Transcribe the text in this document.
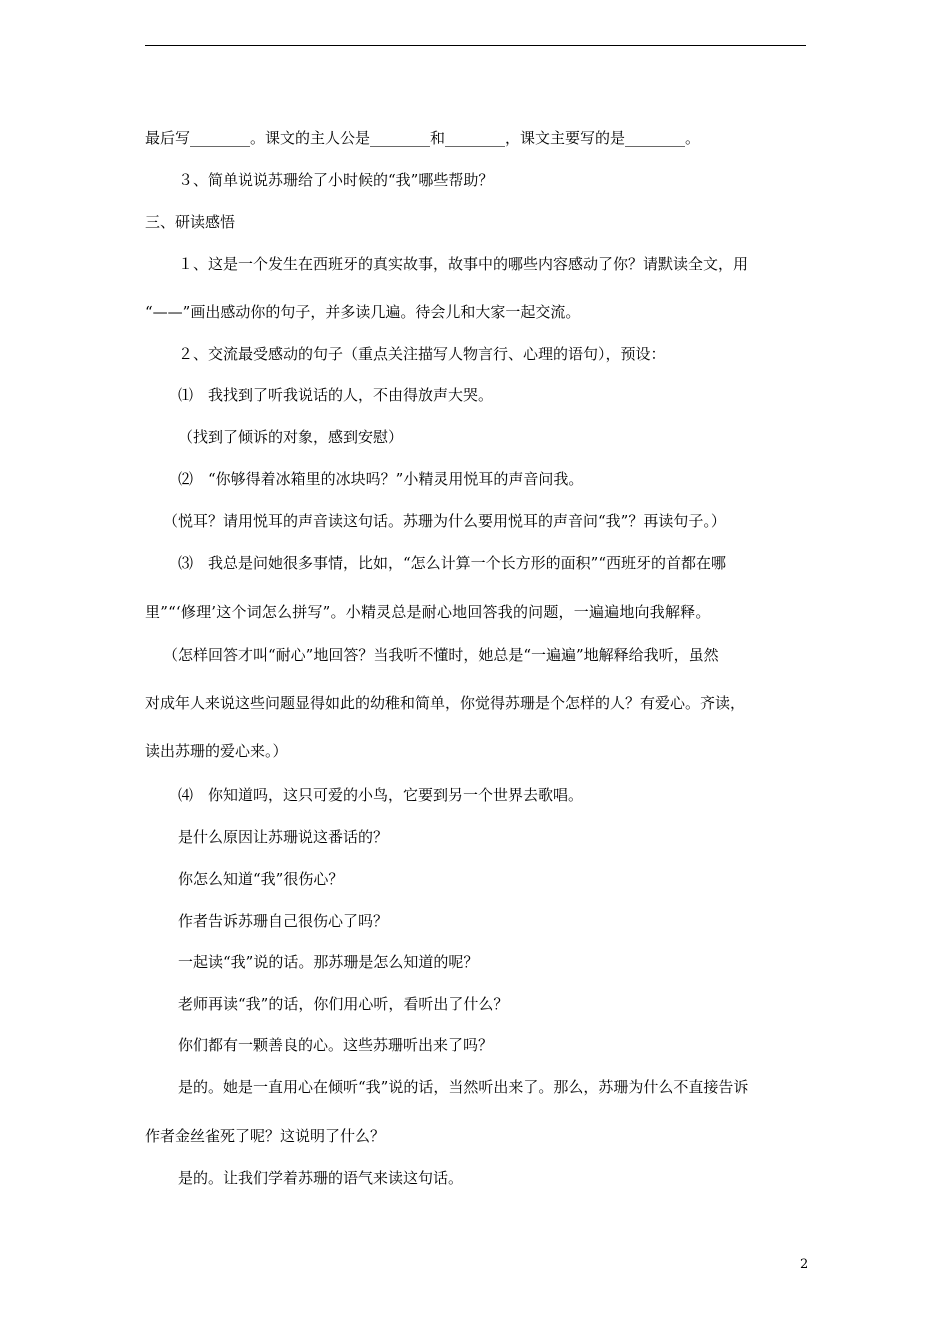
最后写________。课文的主人公是________和________，课文主要写的是________。
３、简单说说苏珊给了小时候的“我”哪些帮助？
三、研读感悟
１、这是一个发生在西班牙的真实故事，故事中的哪些内容感动了你？请默读全文，用
“——”画出感动你的句子，并多读几遍。待会儿和大家一起交流。
２、交流最受感动的句子（重点关注描写人物言行、心理的语句），预设：
⑴　我找到了听我说话的人，不由得放声大哭。
（找到了倾诉的对象，感到安慰）
⑵　“你够得着冰箱里的冰块吗？”小精灵用悦耳的声音问我。
（悦耳？请用悦耳的声音读这句话。苏珊为什么要用悦耳的声音问“我”？再读句子。）
⑶　我总是问她很多事情，比如，“怎么计算一个长方形的面积”“西班牙的首都在哪
里”“‘修理’这个词怎么拼写”。小精灵总是耐心地回答我的问题，一遍遍地向我解释。
（怎样回答才叫“耐心”地回答？当我听不懂时，她总是“一遍遍”地解释给我听，虽然
对成年人来说这些问题显得如此的幼稚和简单，你觉得苏珊是个怎样的人？有爱心。齐读，
读出苏珊的爱心来。）
⑷　你知道吗，这只可爱的小鸟，它要到另一个世界去歌唱。
是什么原因让苏珊说这番话的？
你怎么知道“我”很伤心？
作者告诉苏珊自己很伤心了吗？
一起读“我”说的话。那苏珊是怎么知道的呢？
老师再读“我”的话，你们用心听，看听出了什么？
你们都有一颗善良的心。这些苏珊听出来了吗？
是的。她是一直用心在倾听“我”说的话，当然听出来了。那么，苏珊为什么不直接告诉
作者金丝雀死了呢？这说明了什么？
是的。让我们学着苏珊的语气来读这句话。
2
